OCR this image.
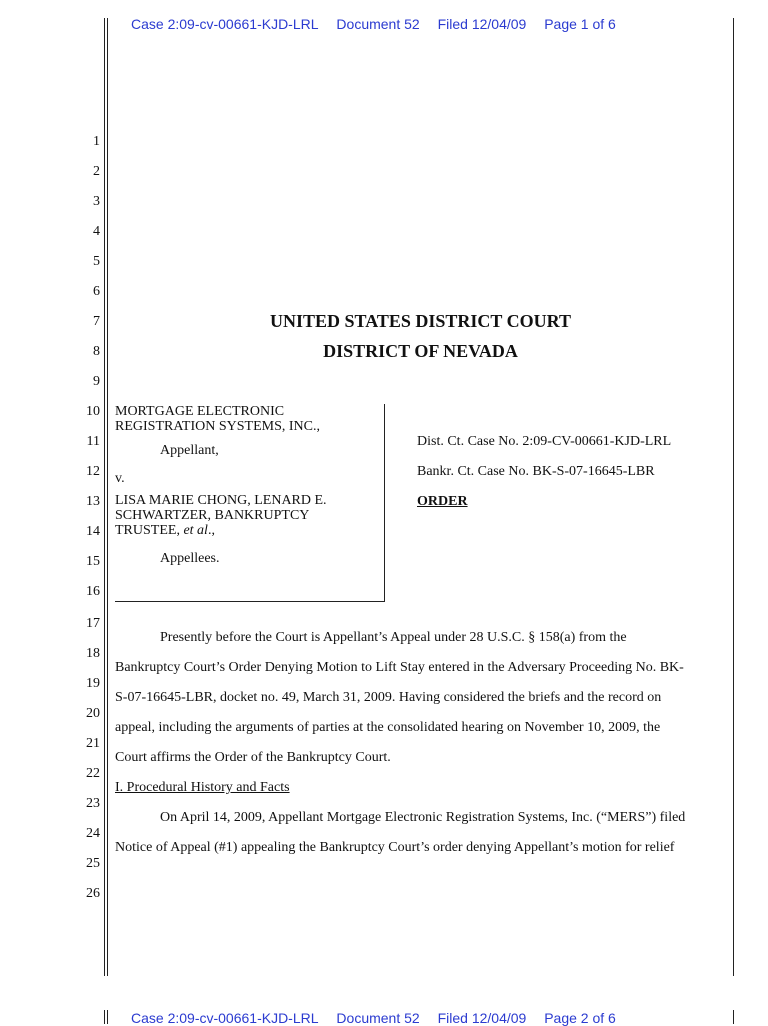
Case 2:09-cv-00661-KJD-LRL Document 52 Filed 12/04/09 Page 1 of 6
1
2
3
4
5
6
7
8
9
10
11
12
13
14
15
16
17
18
19
20
21
22
23
24
25
26
UNITED STATES DISTRICT COURT
DISTRICT OF NEVADA
MORTGAGE ELECTRONIC
REGISTRATION SYSTEMS, INC.,
Appellant,
v.
LISA MARIE CHONG, LENARD E.
SCHWARTZER, BANKRUPTCY
TRUSTEE, et al.,
Appellees.
Dist. Ct. Case No. 2:09-CV-00661-KJD-LRL
Bankr. Ct. Case No. BK-S-07-16645-LBR
ORDER
Presently before the Court is Appellant’s Appeal under 28 U.S.C. § 158(a) from the
Bankruptcy Court’s Order Denying Motion to Lift Stay entered in the Adversary Proceeding No. BK-
S-07-16645-LBR, docket no. 49, March 31, 2009. Having considered the briefs and the record on
appeal, including the arguments of parties at the consolidated hearing on November 10, 2009, the
Court affirms the Order of the Bankruptcy Court.
I. Procedural History and Facts
On April 14, 2009, Appellant Mortgage Electronic Registration Systems, Inc. (“MERS”) filed
Notice of Appeal (#1) appealing the Bankruptcy Court’s order denying Appellant’s motion for relief
Case 2:09-cv-00661-KJD-LRL Document 52 Filed 12/04/09 Page 2 of 6
